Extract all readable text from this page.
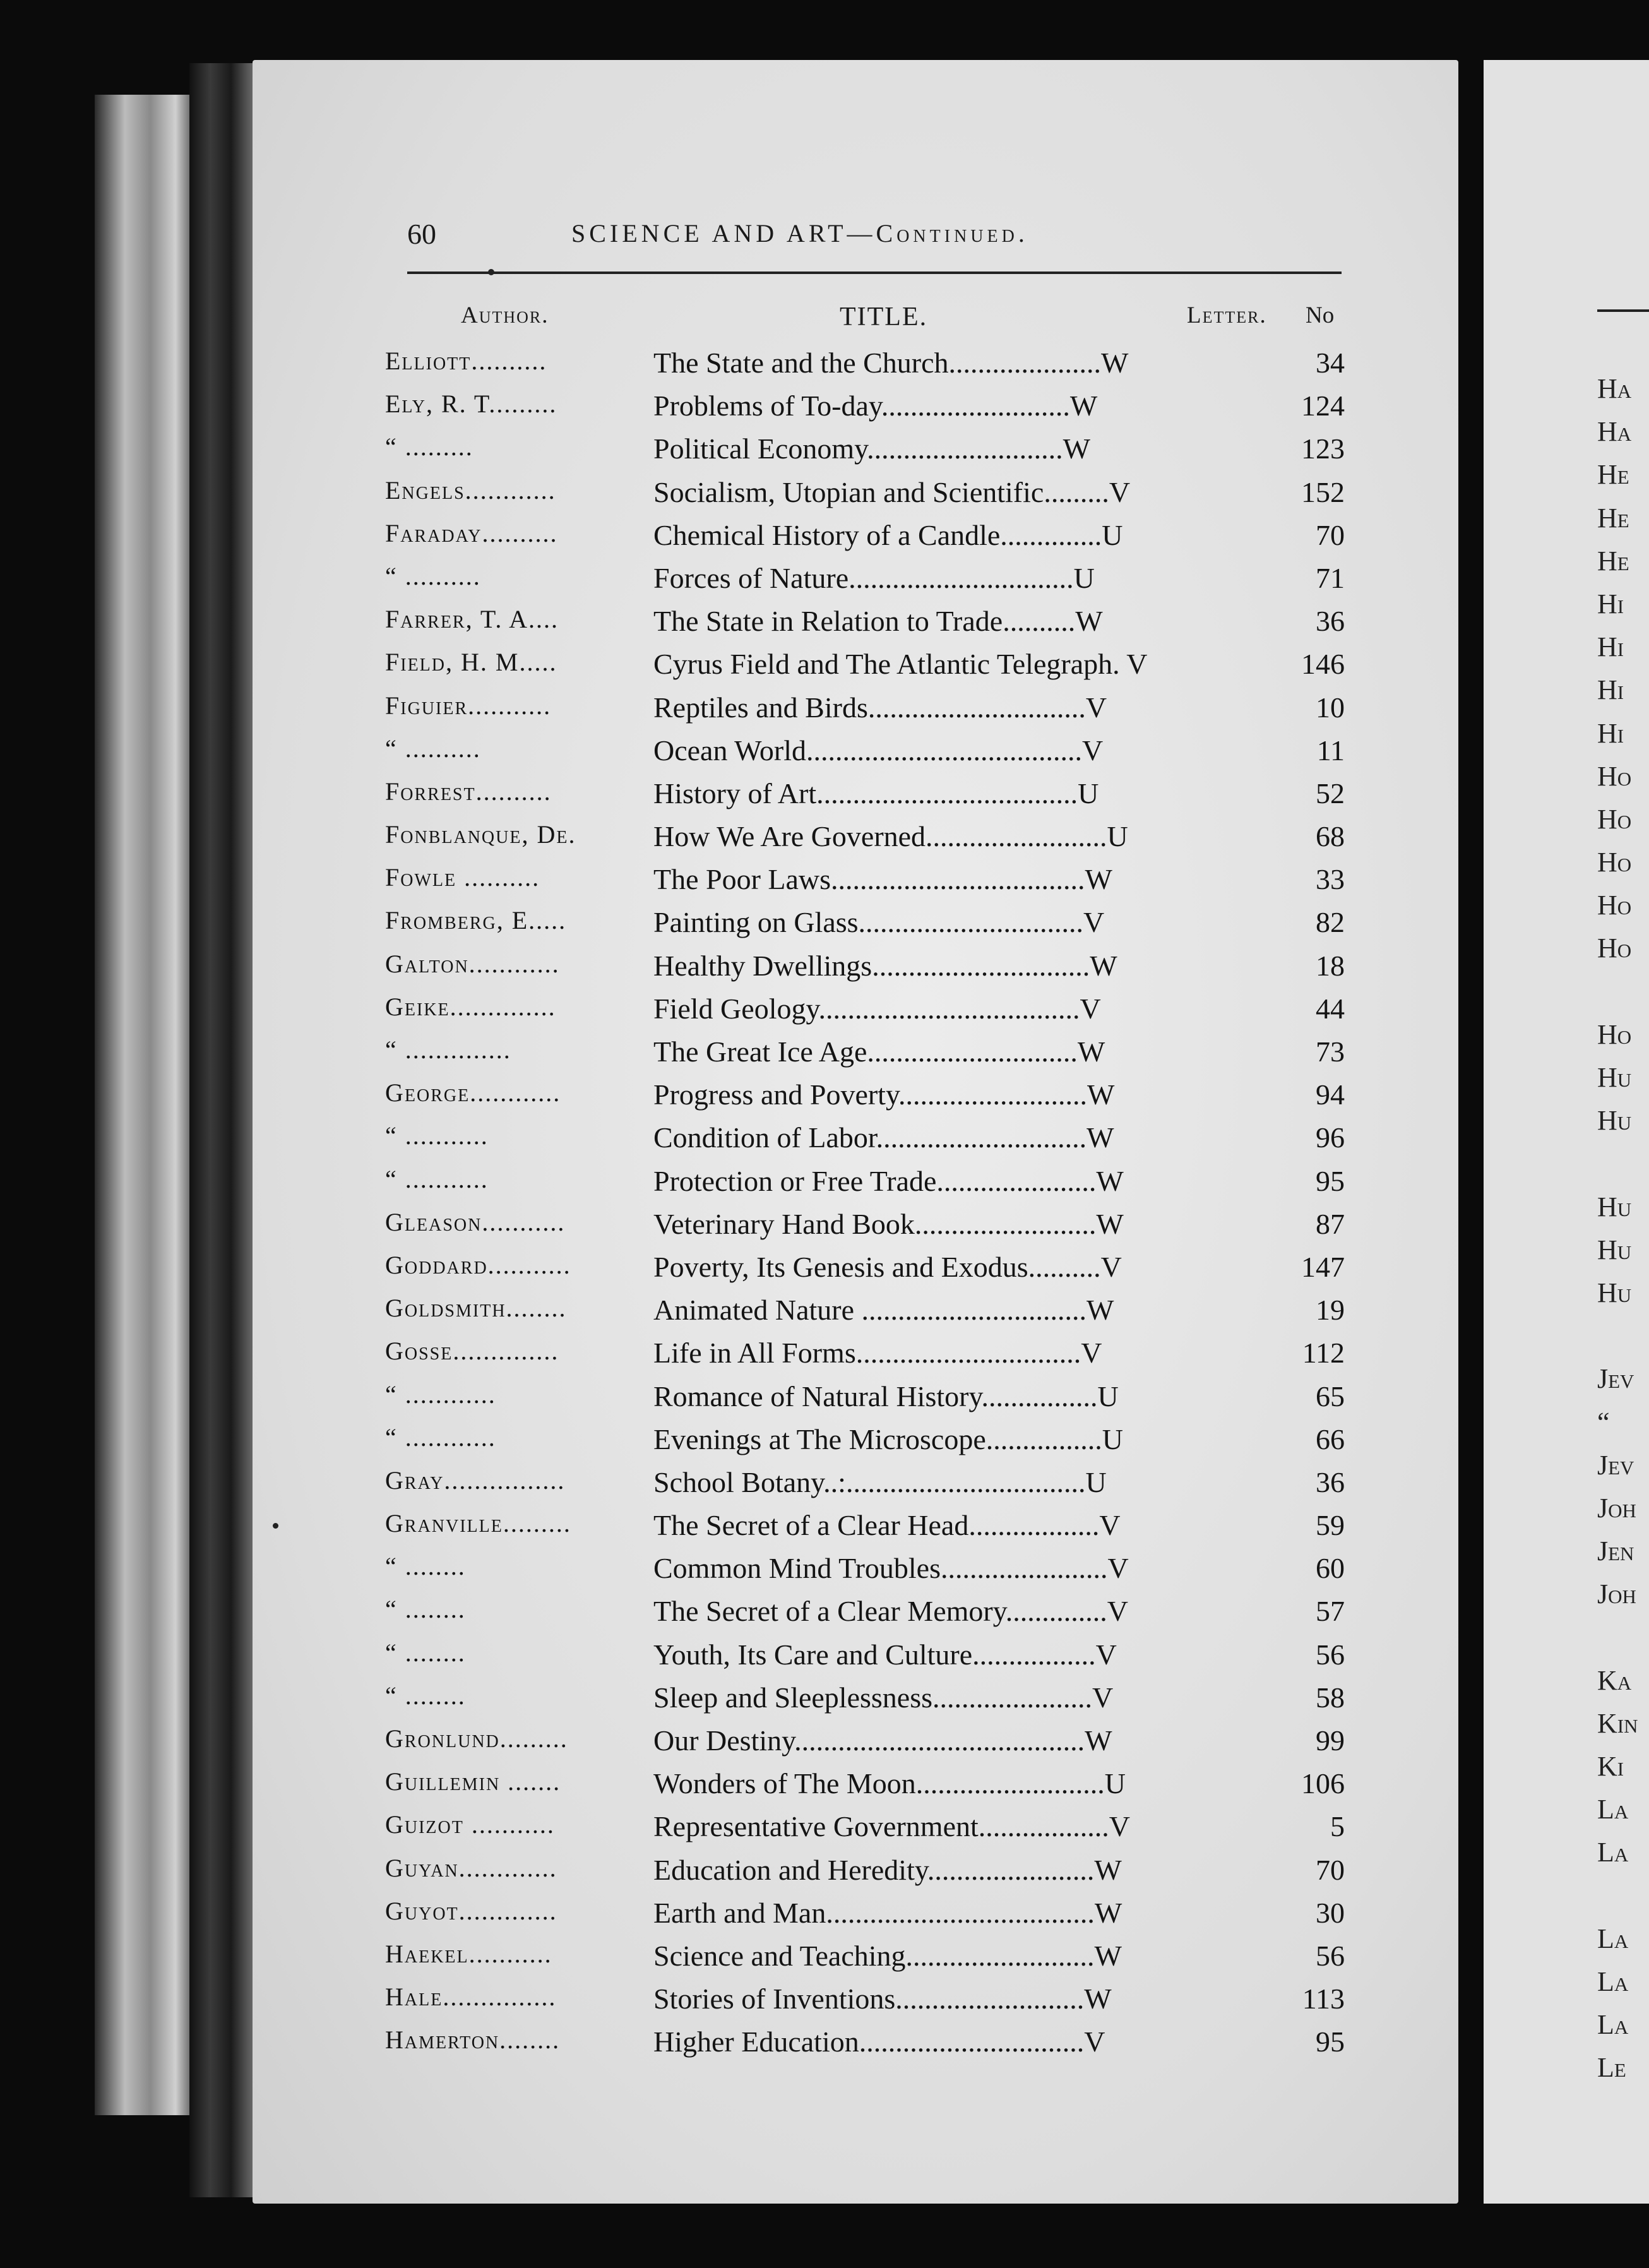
60	SCIENCE AND ART—Continued.
Author.	TITLE.	Letter. No
Elliott..........	The State and the Church.....................W	34
Ely, R. T.........	Problems of To-day..........................W	124
“ .........	Political Economy...........................W	123
Engels............	Socialism, Utopian and Scientific.........V	152
Faraday..........	Chemical History of a Candle..............U	70
“ ..........	Forces of Nature...............................U	71
Farrer, T. A....	The State in Relation to Trade..........W	36
Field, H. M.....	Cyrus Field and The Atlantic Telegraph. V	146
Figuier...........	Reptiles and Birds..............................V	10
“ ..........	Ocean World......................................V	11
Forrest..........	History of Art....................................U	52
Fonblanque, De.	How We Are Governed.........................U	68
Fowle ..........	The Poor Laws...................................W	33
Fromberg, E.....	Painting on Glass...............................V	82
Galton............	Healthy Dwellings..............................W	18
Geike..............	Field Geology....................................V	44
“ ..............	The Great Ice Age.............................W	73
George............	Progress and Poverty..........................W	94
“ ...........	Condition of Labor.............................W	96
“ ...........	Protection or Free Trade......................W	95
Gleason...........	Veterinary Hand Book.........................W	87
Goddard...........	Poverty, Its Genesis and Exodus..........V	147
Goldsmith........	Animated Nature ...............................W	19
Gosse..............	Life in All Forms...............................V	112
“ ............	Romance of Natural History................U	65
“ ............	Evenings at The Microscope................U	66
Gray................	School Botany..:.................................U	36
Granville.........	The Secret of a Clear Head..................V	59
“ ........	Common Mind Troubles.......................V	60
“ ........	The Secret of a Clear Memory..............V	57
“ ........	Youth, Its Care and Culture.................V	56
“ ........	Sleep and Sleeplessness......................V	58
Gronlund.........	Our Destiny........................................W	99
Guillemin .......	Wonders of The Moon..........................U	106
Guizot ...........	Representative Government..................V	5
Guyan.............	Education and Heredity.......................W	70
Guyot.............	Earth and Man.....................................W	30
Haekel...........	Science and Teaching..........................W	56
Hale...............	Stories of Inventions..........................W	113
Hamerton........	Higher Education...............................V	95
Ha
Ha
He
He
He
Hi
Hi
Hi
Hi
Ho
Ho
Ho
Ho
Ho
Ho
Hu
Hu
Hu
Hu
Hu
Jev
“
Jev
Joh
Jen
Joh
Ka
Kin
Ki
La
La
La
La
La
Le
